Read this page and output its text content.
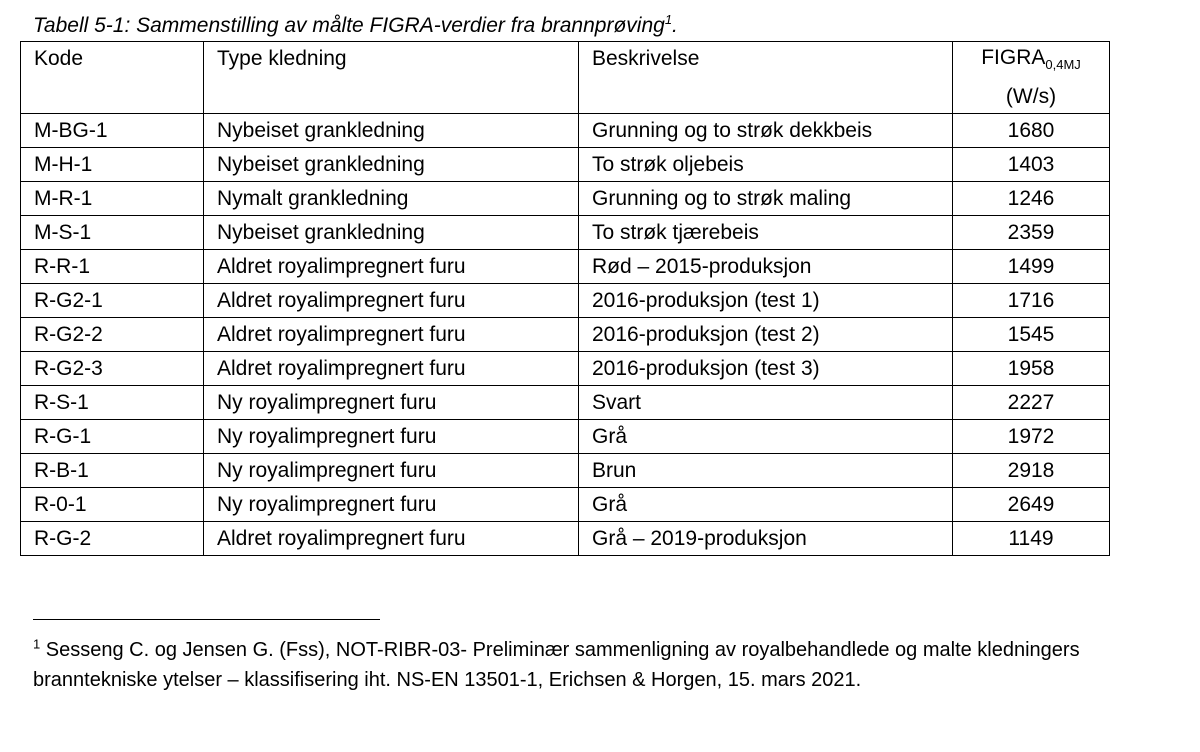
Tabell 5-1: Sammenstilling av målte FIGRA-verdier fra brannprøving$^1$.
Kode	Type kledning	Beskrivelse	$FIGRA_{0,4MJ}$
(W/s)
M-BG-1	Nybeiset grankledning	Grunning og to strøk dekkbeis	1680
M-H-1	Nybeiset grankledning	To strøk oljebeis	1403
M-R-1	Nymalt grankledning	Grunning og to strøk maling	1246
M-S-1	Nybeiset grankledning	To strøk tjærebeis	2359
R-R-1	Aldret royalimpregnert furu	Rød – 2015-produksjon	1499
R-G2-1	Aldret royalimpregnert furu	2016-produksjon (test 1)	1716
R-G2-2	Aldret royalimpregnert furu	2016-produksjon (test 2)	1545
R-G2-3	Aldret royalimpregnert furu	2016-produksjon (test 3)	1958
R-S-1	Ny royalimpregnert furu	Svart	2227
R-G-1	Ny royalimpregnert furu	Grå	1972
R-B-1	Ny royalimpregnert furu	Brun	2918
R-0-1	Ny royalimpregnert furu	Grå	2649
R-G-2	Aldret royalimpregnert furu	Grå – 2019-produksjon	1149
$^1$ Sesseng C. og Jensen G. (Fss), NOT-RIBR-03- Preliminær sammenligning av royalbehandlede og malte kledningers
branntekniske ytelser – klassifisering iht. NS-EN 13501-1, Erichsen & Horgen, 15. mars 2021.
